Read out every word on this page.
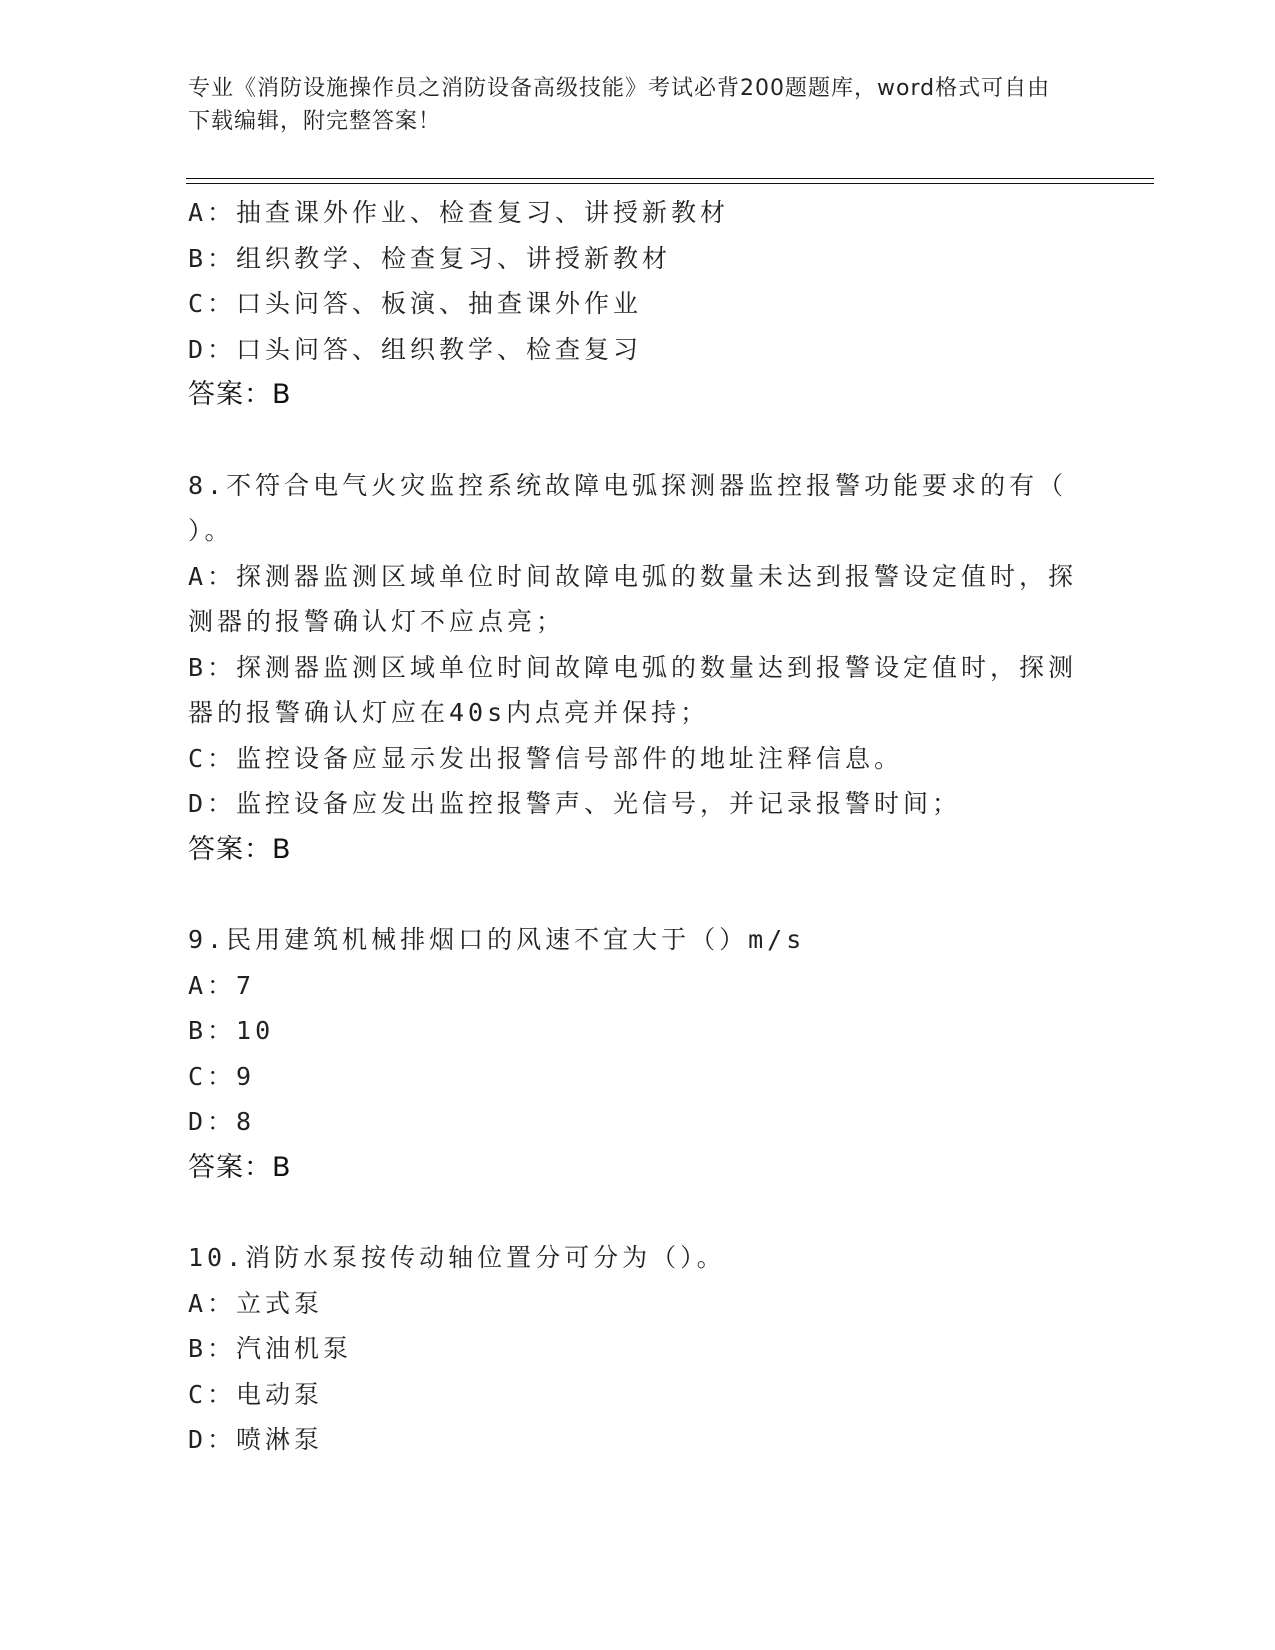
专业《消防设施操作员之消防设备高级技能》考试必背200题题库，word格式可自由下载编辑，附完整答案！
A：抽查课外作业、检查复习、讲授新教材
B：组织教学、检查复习、讲授新教材
C：口头问答、板演、抽查课外作业
D：口头问答、组织教学、检查复习
答案：B
8.不符合电气火灾监控系统故障电弧探测器监控报警功能要求的有（
）。
A：探测器监测区域单位时间故障电弧的数量未达到报警设定值时，探
测器的报警确认灯不应点亮；
B：探测器监测区域单位时间故障电弧的数量达到报警设定值时，探测
器的报警确认灯应在40s内点亮并保持；
C：监控设备应显示发出报警信号部件的地址注释信息。
D：监控设备应发出监控报警声、光信号，并记录报警时间；
答案：B
9.民用建筑机械排烟口的风速不宜大于（）m/s
A：7
B：10
C：9
D：8
答案：B
10.消防水泵按传动轴位置分可分为（）。
A：立式泵
B：汽油机泵
C：电动泵
D：喷淋泵
